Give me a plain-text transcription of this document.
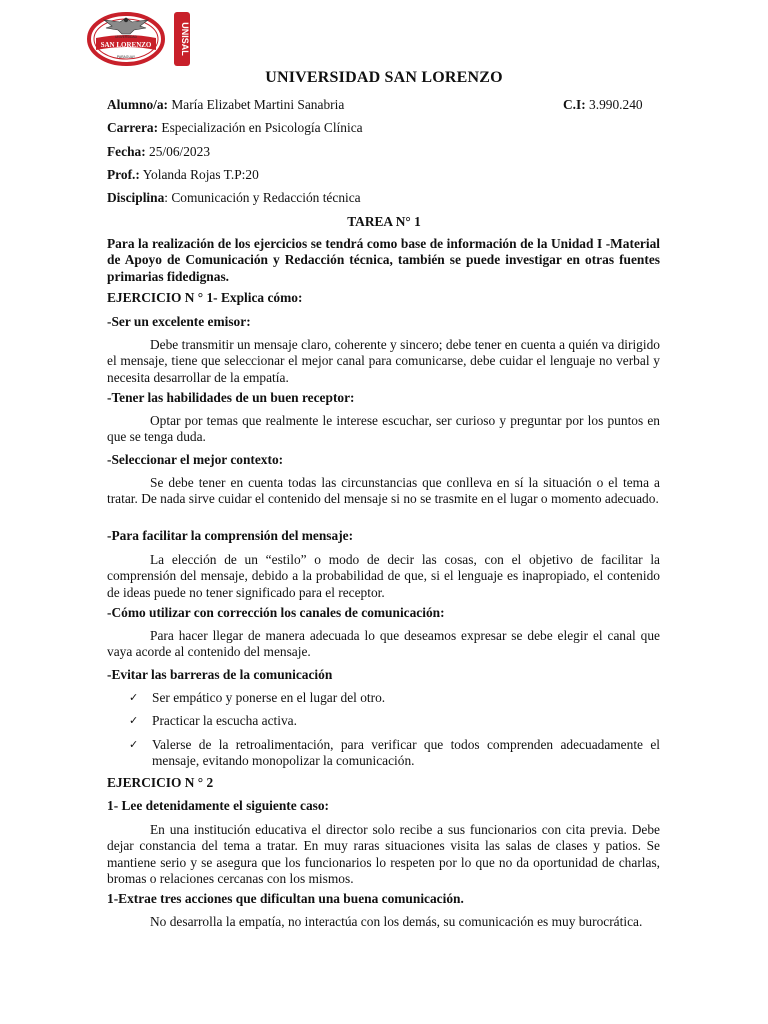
UNIVERSIDAD
SAN LORENZO
PARAGUAY
UNISAL
UNIVERSIDAD SAN LORENZO
Alumno/a: María Elizabet Martini Sanabria	C.I: 3.990.240
Carrera: Especialización en Psicología Clínica
Fecha: 25/06/2023
Prof.: Yolanda Rojas T.P:20
Disciplina: Comunicación y Redacción técnica
TAREA N° 1
Para la realización de los ejercicios se tendrá como base de información de la Unidad I -Material de Apoyo de Comunicación y Redacción técnica, también se puede investigar en otras fuentes primarias fidedignas.
EJERCICIO N ° 1- Explica cómo:
-Ser un excelente emisor:
Debe transmitir un mensaje claro, coherente y sincero; debe tener en cuenta a quién va dirigido el mensaje, tiene que seleccionar el mejor canal para comunicarse, debe cuidar el lenguaje no verbal y necesita desarrollar de la empatía.
-Tener las habilidades de un buen receptor:
Optar por temas que realmente le interese escuchar, ser curioso y preguntar por los puntos en que se tenga duda.
-Seleccionar el mejor contexto:
Se debe tener en cuenta todas las circunstancias que conlleva en sí la situación o el tema a tratar. De nada sirve cuidar el contenido del mensaje si no se trasmite en el lugar o momento adecuado.
-Para facilitar la comprensión del mensaje:
La elección de un “estilo” o modo de decir las cosas, con el objetivo de facilitar la comprensión del mensaje, debido a la probabilidad de que, si el lenguaje es inapropiado, el contenido de ideas puede no tener significado para el receptor.
-Cómo utilizar con corrección los canales de comunicación:
Para hacer llegar de manera adecuada lo que deseamos expresar se debe elegir el canal que vaya acorde al contenido del mensaje.
-Evitar las barreras de la comunicación
✓ Ser empático y ponerse en el lugar del otro.
✓ Practicar la escucha activa.
✓ Valerse de la retroalimentación, para verificar que todos comprenden adecuadamente el mensaje, evitando monopolizar la comunicación.
EJERCICIO N ° 2
1- Lee detenidamente el siguiente caso:
En una institución educativa el director solo recibe a sus funcionarios con cita previa. Debe dejar constancia del tema a tratar. En muy raras situaciones visita las salas de clases y patios. Se mantiene serio y se asegura que los funcionarios lo respeten por lo que no da oportunidad de charlas, bromas o relaciones cercanas con los mismos.
1-Extrae tres acciones que dificultan una buena comunicación.
No desarrolla la empatía, no interactúa con los demás, su comunicación es muy burocrática.
